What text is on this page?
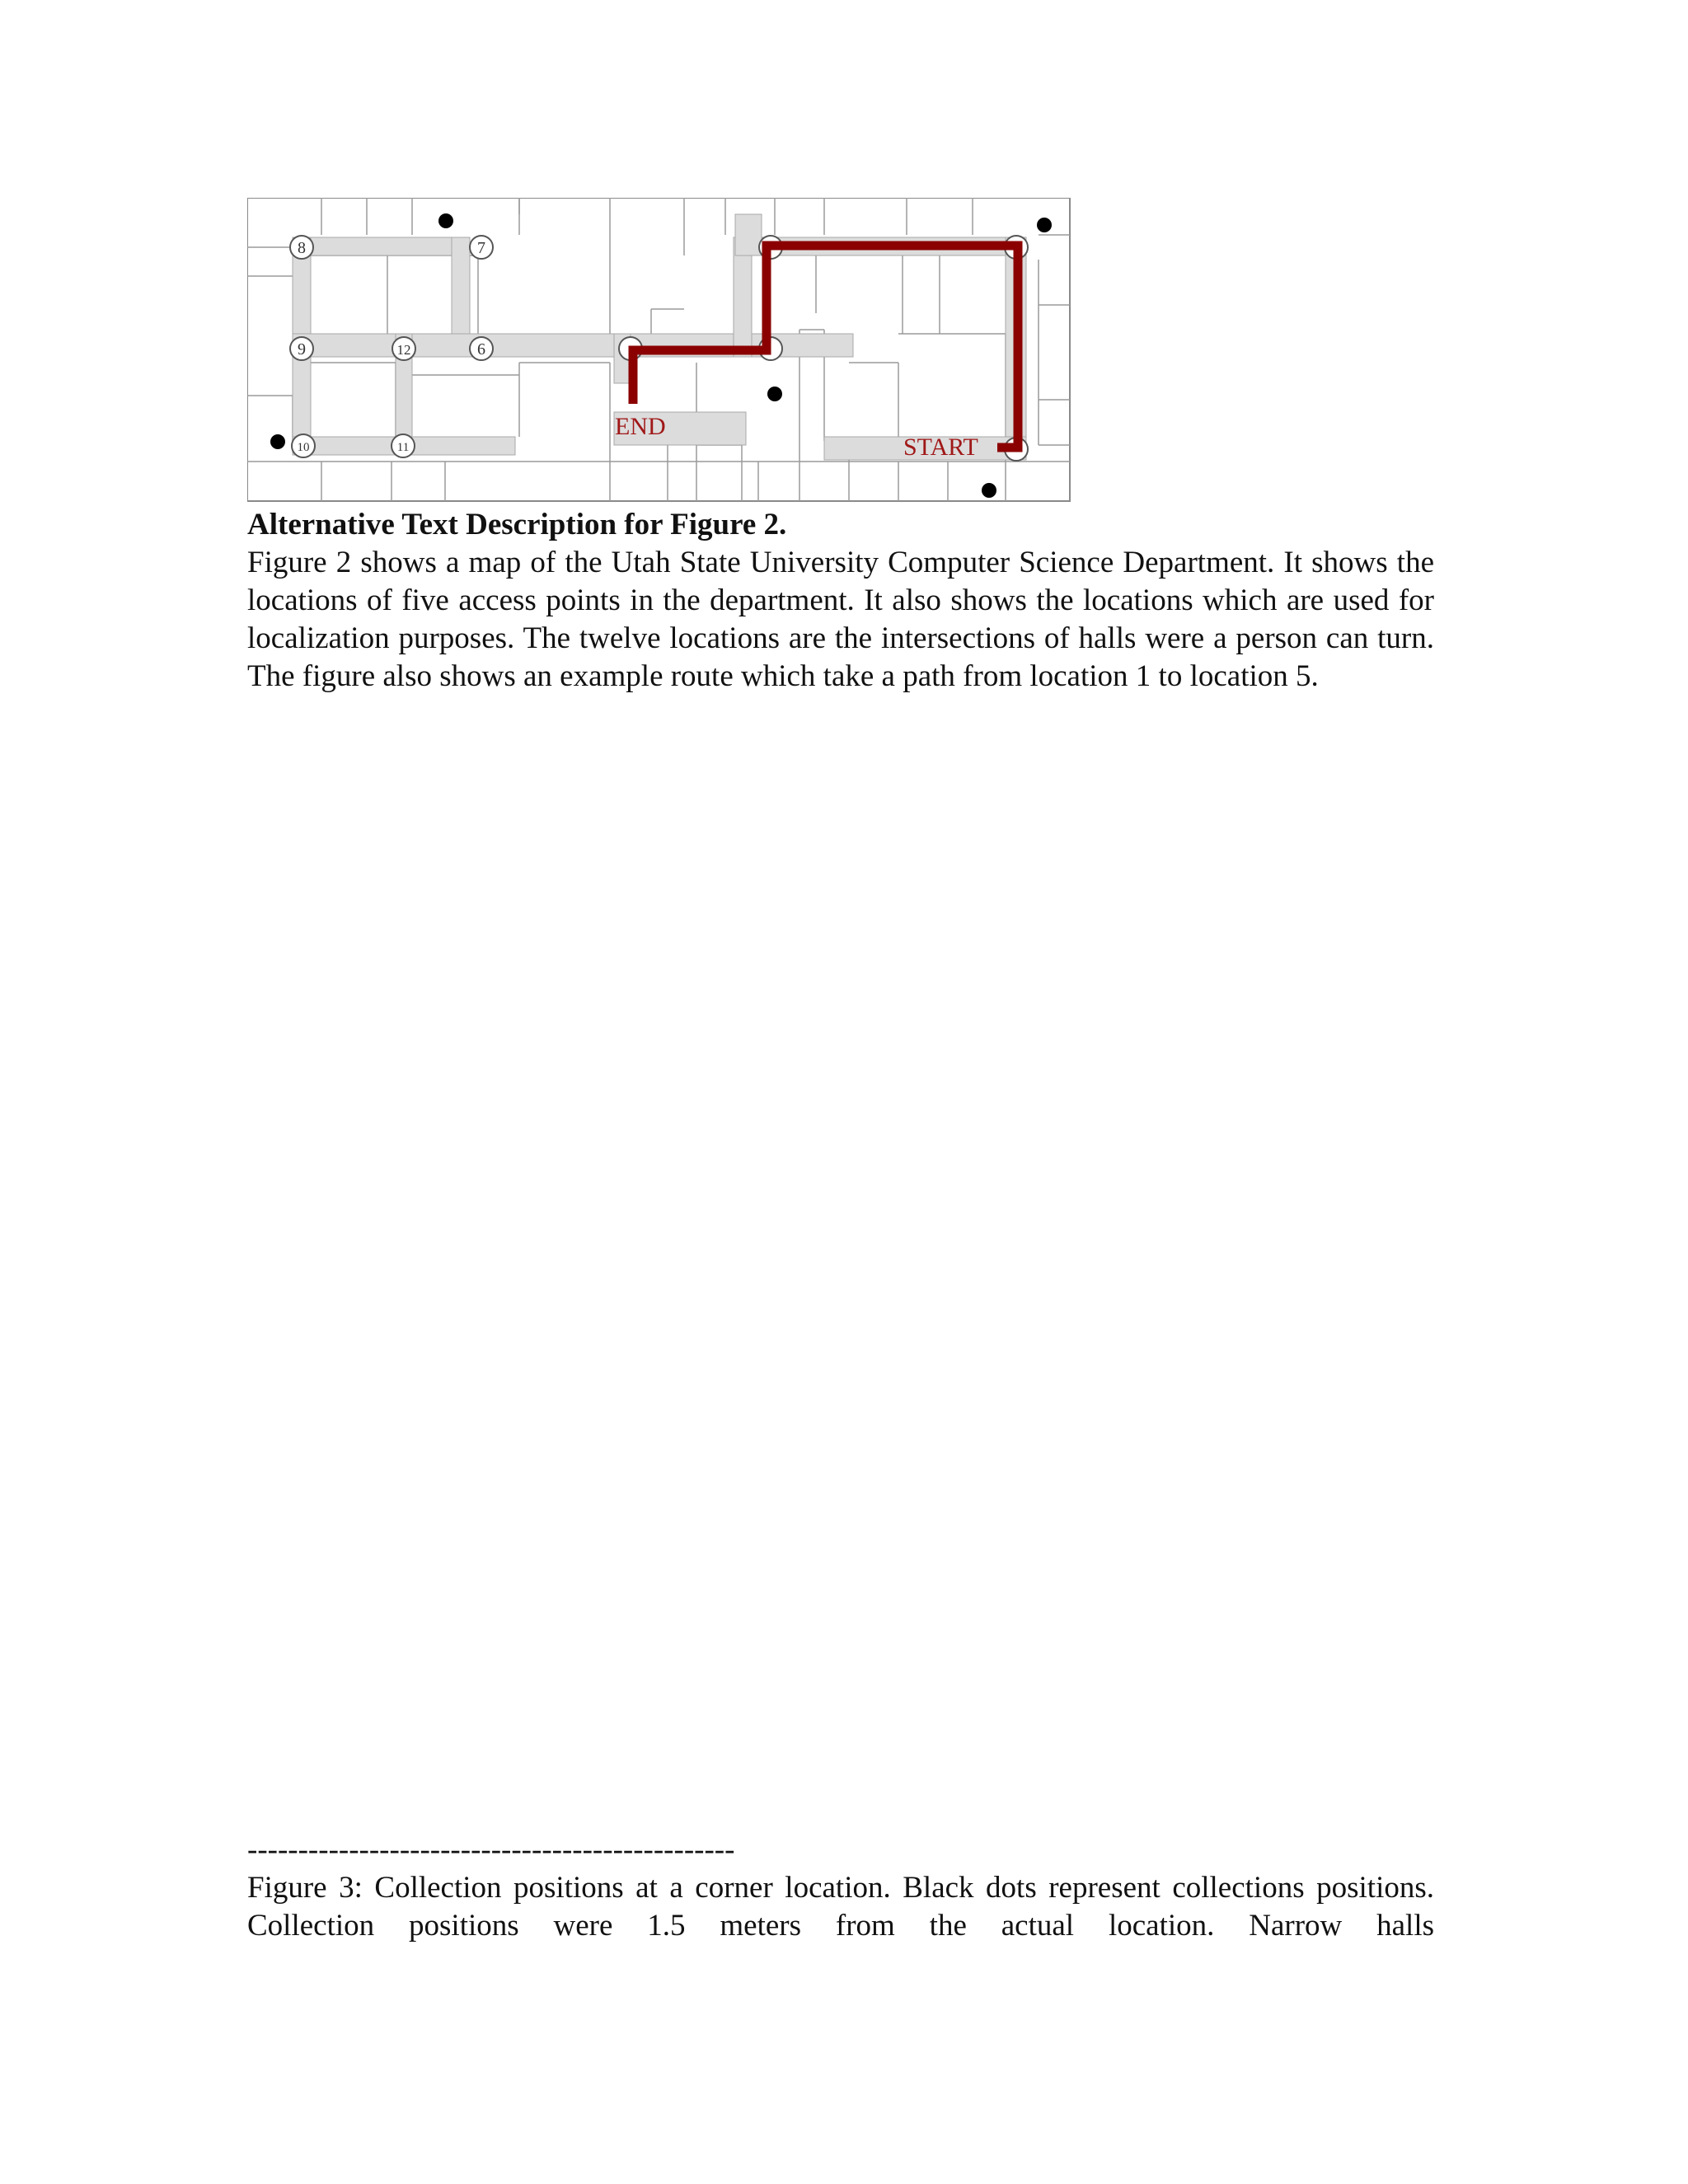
8	7
9	12	6
10	11
END
START

Alternative Text Description for Figure 2.

Figure 2 shows a map of the Utah State University Computer Science Department. It shows the locations of five access points in the department. It also shows the locations which are used for localization purposes. The twelve locations are the intersections of halls were a person can turn. The figure also shows an example route which take a path from location 1 to location 5.

------------------------------------------------

Figure 3: Collection positions at a corner location. Black dots represent collections positions. Collection positions were 1.5 meters from the actual location. Narrow halls
